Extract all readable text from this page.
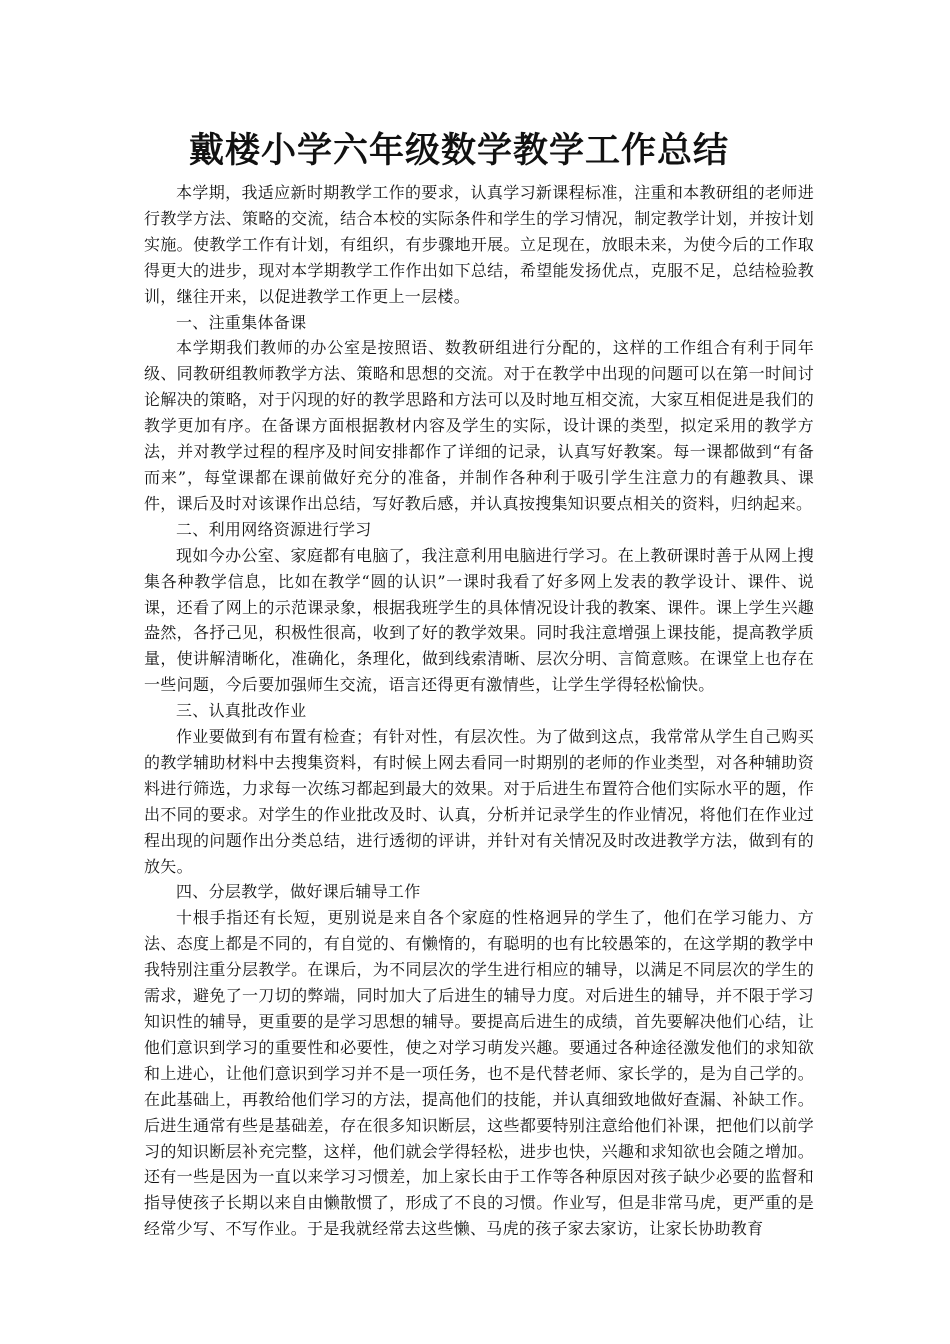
戴楼小学六年级数学教学工作总结

本学期，我适应新时期教学工作的要求，认真学习新课程标准，注重和本教研组的老师进行教学方法、策略的交流，结合本校的实际条件和学生的学习情况，制定教学计划，并按计划实施。使教学工作有计划，有组织，有步骤地开展。立足现在，放眼未来，为使今后的工作取得更大的进步，现对本学期教学工作作出如下总结，希望能发扬优点，克服不足，总结检验教训，继往开来，以促进教学工作更上一层楼。

一、注重集体备课

本学期我们教师的办公室是按照语、数教研组进行分配的，这样的工作组合有利于同年级、同教研组教师教学方法、策略和思想的交流。对于在教学中出现的问题可以在第一时间讨论解决的策略，对于闪现的好的教学思路和方法可以及时地互相交流，大家互相促进是我们的教学更加有序。在备课方面根据教材内容及学生的实际，设计课的类型，拟定采用的教学方法，并对教学过程的程序及时间安排都作了详细的记录，认真写好教案。每一课都做到“有备而来”，每堂课都在课前做好充分的准备，并制作各种利于吸引学生注意力的有趣教具、课件，课后及时对该课作出总结，写好教后感，并认真按搜集知识要点相关的资料，归纳起来。

二、利用网络资源进行学习

现如今办公室、家庭都有电脑了，我注意利用电脑进行学习。在上教研课时善于从网上搜集各种教学信息，比如在教学“圆的认识”一课时我看了好多网上发表的教学设计、课件、说课，还看了网上的示范课录象，根据我班学生的具体情况设计我的教案、课件。课上学生兴趣盎然，各抒己见，积极性很高，收到了好的教学效果。同时我注意增强上课技能，提高教学质量，使讲解清晰化，准确化，条理化，做到线索清晰、层次分明、言简意赅。在课堂上也存在一些问题，今后要加强师生交流，语言还得更有激情些，让学生学得轻松愉快。

三、认真批改作业

作业要做到有布置有检查；有针对性，有层次性。为了做到这点，我常常从学生自己购买的教学辅助材料中去搜集资料，有时候上网去看同一时期别的老师的作业类型，对各种辅助资料进行筛选，力求每一次练习都起到最大的效果。对于后进生布置符合他们实际水平的题，作出不同的要求。对学生的作业批改及时、认真，分析并记录学生的作业情况，将他们在作业过程出现的问题作出分类总结，进行透彻的评讲，并针对有关情况及时改进教学方法，做到有的放矢。

四、分层教学，做好课后辅导工作

十根手指还有长短，更别说是来自各个家庭的性格迥异的学生了，他们在学习能力、方法、态度上都是不同的，有自觉的、有懒惰的，有聪明的也有比较愚笨的，在这学期的教学中我特别注重分层教学。在课后，为不同层次的学生进行相应的辅导，以满足不同层次的学生的需求，避免了一刀切的弊端，同时加大了后进生的辅导力度。对后进生的辅导，并不限于学习知识性的辅导，更重要的是学习思想的辅导。要提高后进生的成绩，首先要解决他们心结，让他们意识到学习的重要性和必要性，使之对学习萌发兴趣。要通过各种途径激发他们的求知欲和上进心，让他们意识到学习并不是一项任务，也不是代替老师、家长学的，是为自己学的。在此基础上，再教给他们学习的方法，提高他们的技能，并认真细致地做好查漏、补缺工作。后进生通常有些是基础差，存在很多知识断层，这些都要特别注意给他们补课，把他们以前学习的知识断层补充完整，这样，他们就会学得轻松，进步也快，兴趣和求知欲也会随之增加。还有一些是因为一直以来学习习惯差，加上家长由于工作等各种原因对孩子缺少必要的监督和指导使孩子长期以来自由懒散惯了，形成了不良的习惯。作业写，但是非常马虎，更严重的是经常少写、不写作业。于是我就经常去这些懒、马虎的孩子家去家访，让家长协助教育
